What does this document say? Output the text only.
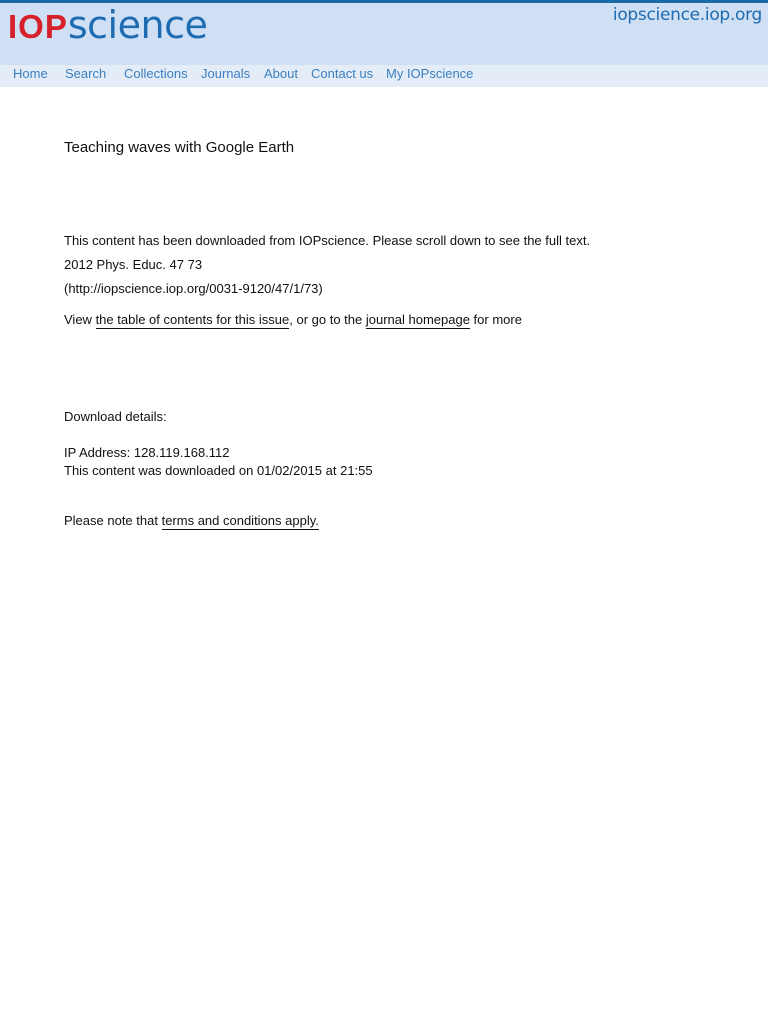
IOPscience	iopscience.iop.org
Home Search Collections Journals About Contact us My IOPscience
Teaching waves with Google Earth
This content has been downloaded from IOPscience. Please scroll down to see the full text.
2012 Phys. Educ. 47 73
(http://iopscience.iop.org/0031-9120/47/1/73)
View the table of contents for this issue, or go to the journal homepage for more
Download details:
IP Address: 128.119.168.112
This content was downloaded on 01/02/2015 at 21:55
Please note that terms and conditions apply.
